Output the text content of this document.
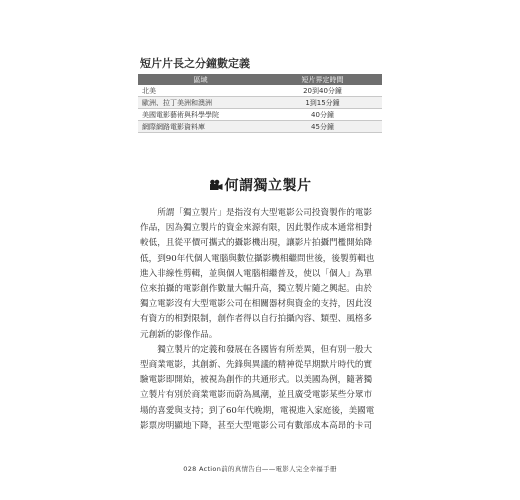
短片片長之分鐘數定義
區域	短片界定時間
北美	20到40分鐘
歐洲、拉丁美洲和澳洲	1到15分鐘
美國電影藝術與科學學院	40分鐘
網際網路電影資料庫	45分鐘
何謂獨立製片

　　所謂「獨立製片」是指沒有大型電影公司投資製作的電影
作品，因為獨立製片的資金來源有限，因此製作成本通常相對
較低，且從平價可攜式的攝影機出現，讓影片拍攝門檻開始降
低，到90年代個人電腦與數位攝影機相繼問世後，後製剪輯也
進入非線性剪輯，並與個人電腦相繼普及，使以「個人」為單
位來拍攝的電影創作數量大幅升高，獨立製片隨之興起。由於
獨立電影沒有大型電影公司在相關器材與資金的支持，因此沒
有資方的相對限制，創作者得以自行拍攝內容、類型、風格多
元創新的影像作品。

　　獨立製片的定義和發展在各國皆有所差異，但有別一般大
型商業電影，其創新、先鋒與異議的精神從早期默片時代的實
驗電影即開始，被視為創作的共通形式。以美國為例，隨著獨
立製片有別於商業電影而蔚為風潮，並且廣受電影某些分眾市
場的喜愛與支持；到了60年代晚期，電視進入家庭後，美國電
影票房明顯地下降，甚至大型電影公司有數部成本高昂的卡司

028 Action前的真情告白——電影人完全幸福手冊
